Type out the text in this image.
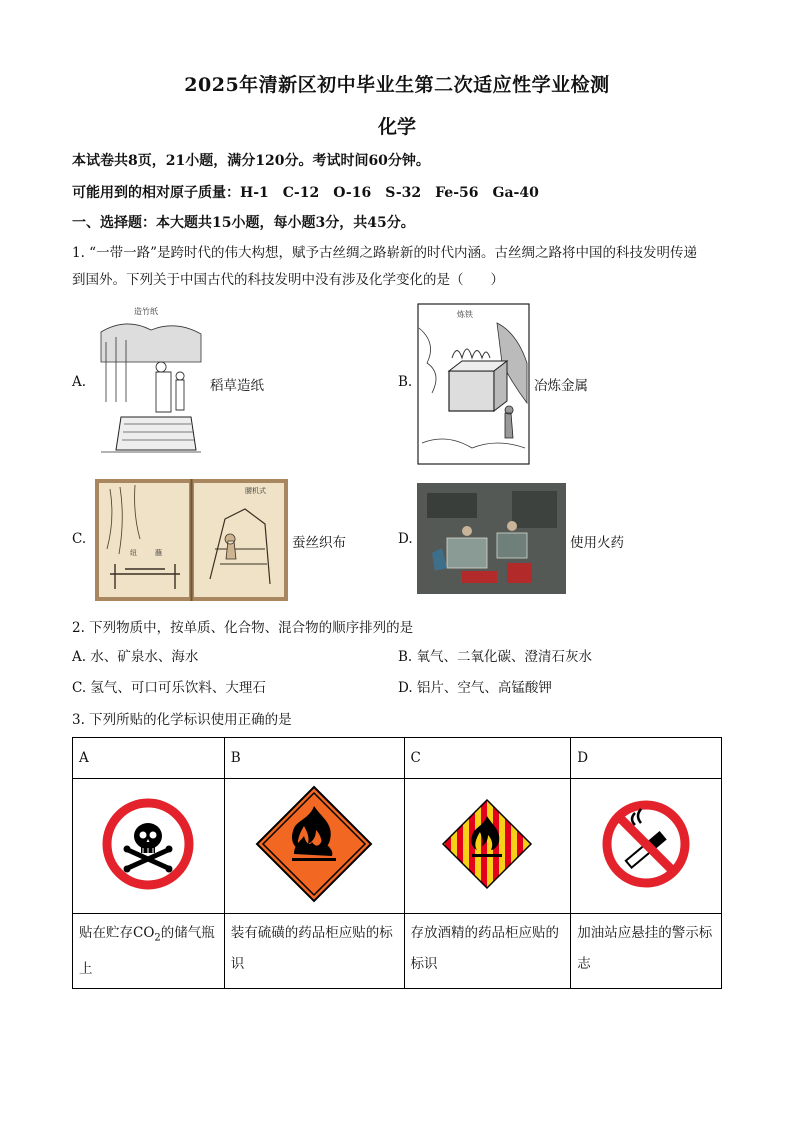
2025年清新区初中毕业生第二次适应性学业检测
化学
本试卷共8页，21小题，满分120分。考试时间60分钟。
可能用到的相对原子质量：H-1　C-12　O-16　S-32　Fe-56　Ga-40
一、选择题：本大题共15小题，每小题3分，共45分。
1. “一带一路”是跨时代的伟大构想，赋予古丝绸之路崭新的时代内涵。古丝绸之路将中国的科技发明传递
到国外。下列关于中国古代的科技发明中没有涉及化学变化的是（　　）
A.
造竹纸
稻草造纸	B.
炼铁
冶炼金属
C.
纽	蘸
腰机式
蚕丝织布	D.	使用火药
2. 下列物质中，按单质、化合物、混合物的顺序排列的是
A. 水、矿泉水、海水	B. 氧气、二氧化碳、澄清石灰水
C. 氢气、可口可乐饮料、大理石	D. 铝片、空气、高锰酸钾
3. 下列所贴的化学标识使用正确的是
A	B	C	D

贴在贮存$CO_2$的储气瓶上	装有硫磺的药品柜应贴的标识	存放酒精的药品柜应贴的标识	加油站应悬挂的警示标志
